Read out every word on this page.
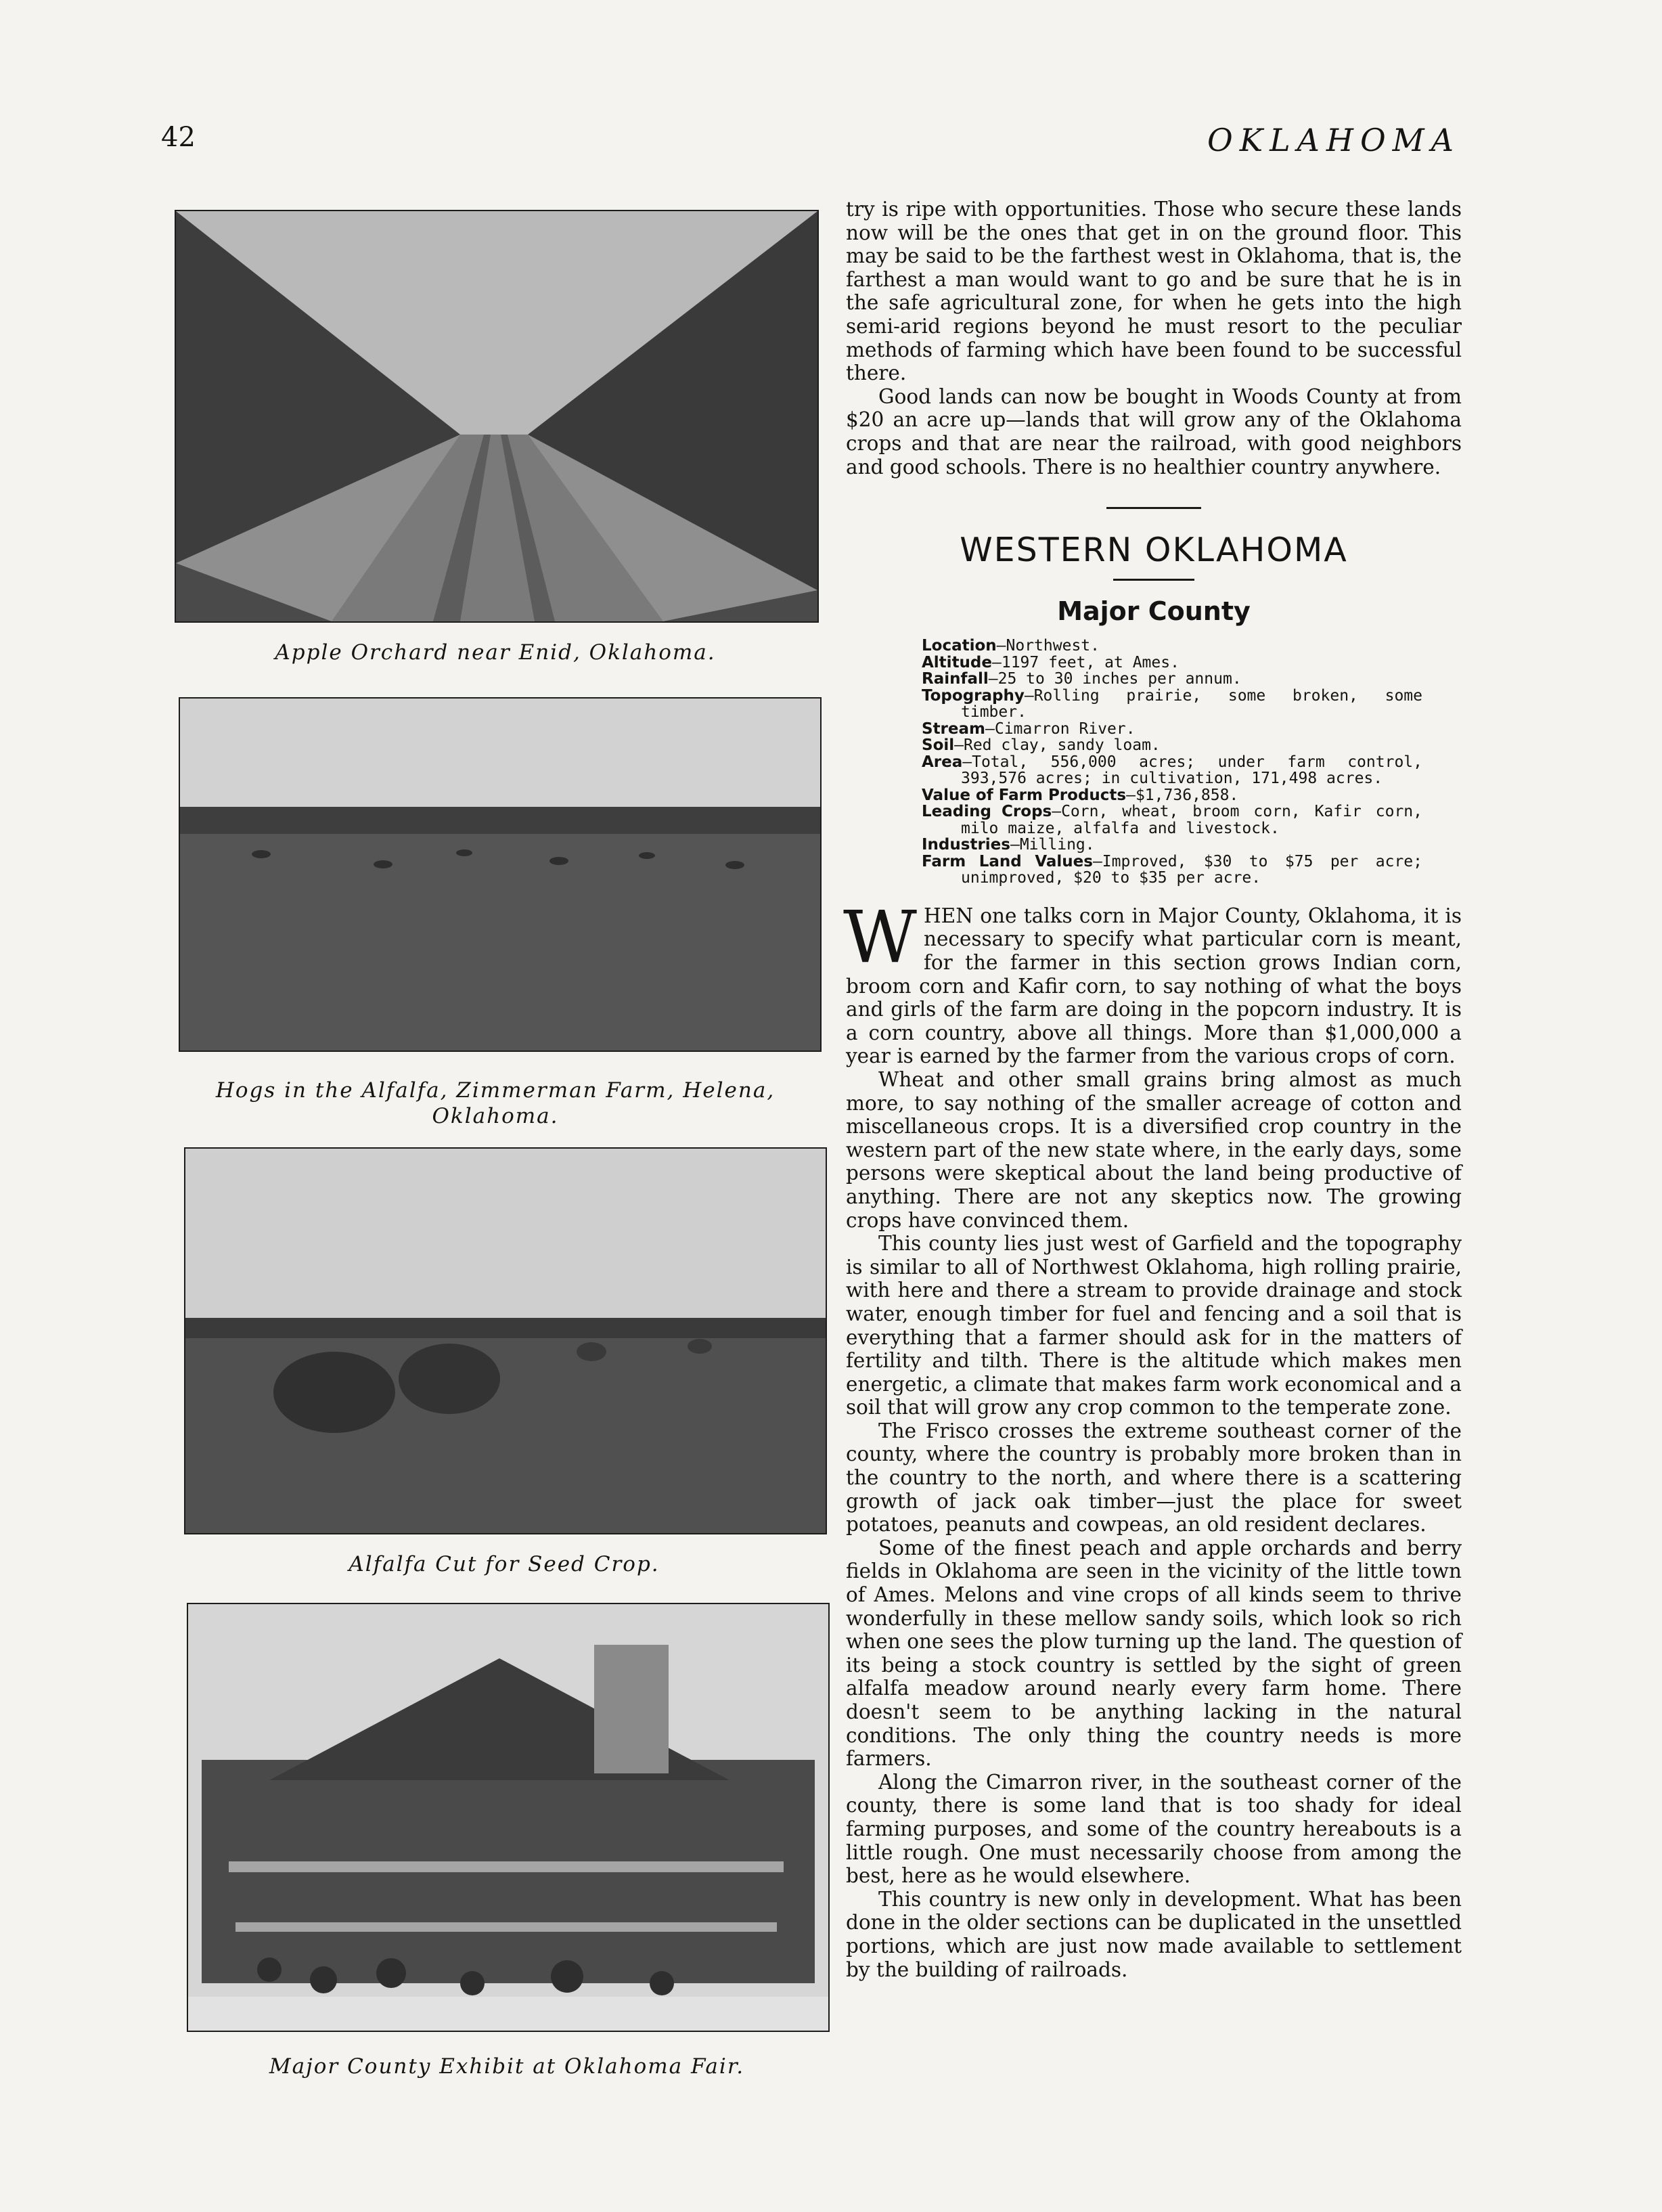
42	OKLAHOMA
Apple Orchard near Enid, Oklahoma.
Hogs in the Alfalfa, Zimmerman Farm, Helena, Oklahoma.
Alfalfa Cut for Seed Crop.
Major County Exhibit at Oklahoma Fair.

try is ripe with opportunities. Those who secure these lands now will be the ones that get in on the ground floor. This may be said to be the farthest west in Oklahoma, that is, the farthest a man would want to go and be sure that he is in the safe agricultural zone, for when he gets into the high semi-arid regions beyond he must resort to the peculiar methods of farming which have been found to be successful there.

Good lands can now be bought in Woods County at from $20 an acre up—lands that will grow any of the Oklahoma crops and that are near the railroad, with good neighbors and good schools. There is no healthier country anywhere.

WESTERN OKLAHOMA
Major County
Location—Northwest.
Altitude—1197 feet, at Ames.
Rainfall—25 to 30 inches per annum.
Topography—Rolling prairie, some broken, some timber.
Stream—Cimarron River.
Soil—Red clay, sandy loam.
Area—Total, 556,000 acres; under farm control, 393,576 acres; in cultivation, 171,498 acres.
Value of Farm Products—$1,736,858.
Leading Crops—Corn, wheat, broom corn, Kafir corn, milo maize, alfalfa and livestock.
Industries—Milling.
Farm Land Values—Improved, $30 to $75 per acre; unimproved, $20 to $35 per acre.

WHEN one talks corn in Major County, Oklahoma, it is necessary to specify what particular corn is meant, for the farmer in this section grows Indian corn, broom corn and Kafir corn, to say nothing of what the boys and girls of the farm are doing in the popcorn industry. It is a corn country, above all things. More than $1,000,000 a year is earned by the farmer from the various crops of corn.

Wheat and other small grains bring almost as much more, to say nothing of the smaller acreage of cotton and miscellaneous crops. It is a diversified crop country in the western part of the new state where, in the early days, some persons were skeptical about the land being productive of anything. There are not any skeptics now. The growing crops have convinced them.

This county lies just west of Garfield and the topography is similar to all of Northwest Oklahoma, high rolling prairie, with here and there a stream to provide drainage and stock water, enough timber for fuel and fencing and a soil that is everything that a farmer should ask for in the matters of fertility and tilth. There is the altitude which makes men energetic, a climate that makes farm work economical and a soil that will grow any crop common to the temperate zone.

The Frisco crosses the extreme southeast corner of the county, where the country is probably more broken than in the country to the north, and where there is a scattering growth of jack oak timber—just the place for sweet potatoes, peanuts and cowpeas, an old resident declares.

Some of the finest peach and apple orchards and berry fields in Oklahoma are seen in the vicinity of the little town of Ames. Melons and vine crops of all kinds seem to thrive wonderfully in these mellow sandy soils, which look so rich when one sees the plow turning up the land. The question of its being a stock country is settled by the sight of green alfalfa meadow around nearly every farm home. There doesn't seem to be anything lacking in the natural conditions. The only thing the country needs is more farmers.

Along the Cimarron river, in the southeast corner of the county, there is some land that is too shady for ideal farming purposes, and some of the country hereabouts is a little rough. One must necessarily choose from among the best, here as he would elsewhere.

This country is new only in development. What has been done in the older sections can be duplicated in the unsettled portions, which are just now made available to settlement by the building of railroads.
